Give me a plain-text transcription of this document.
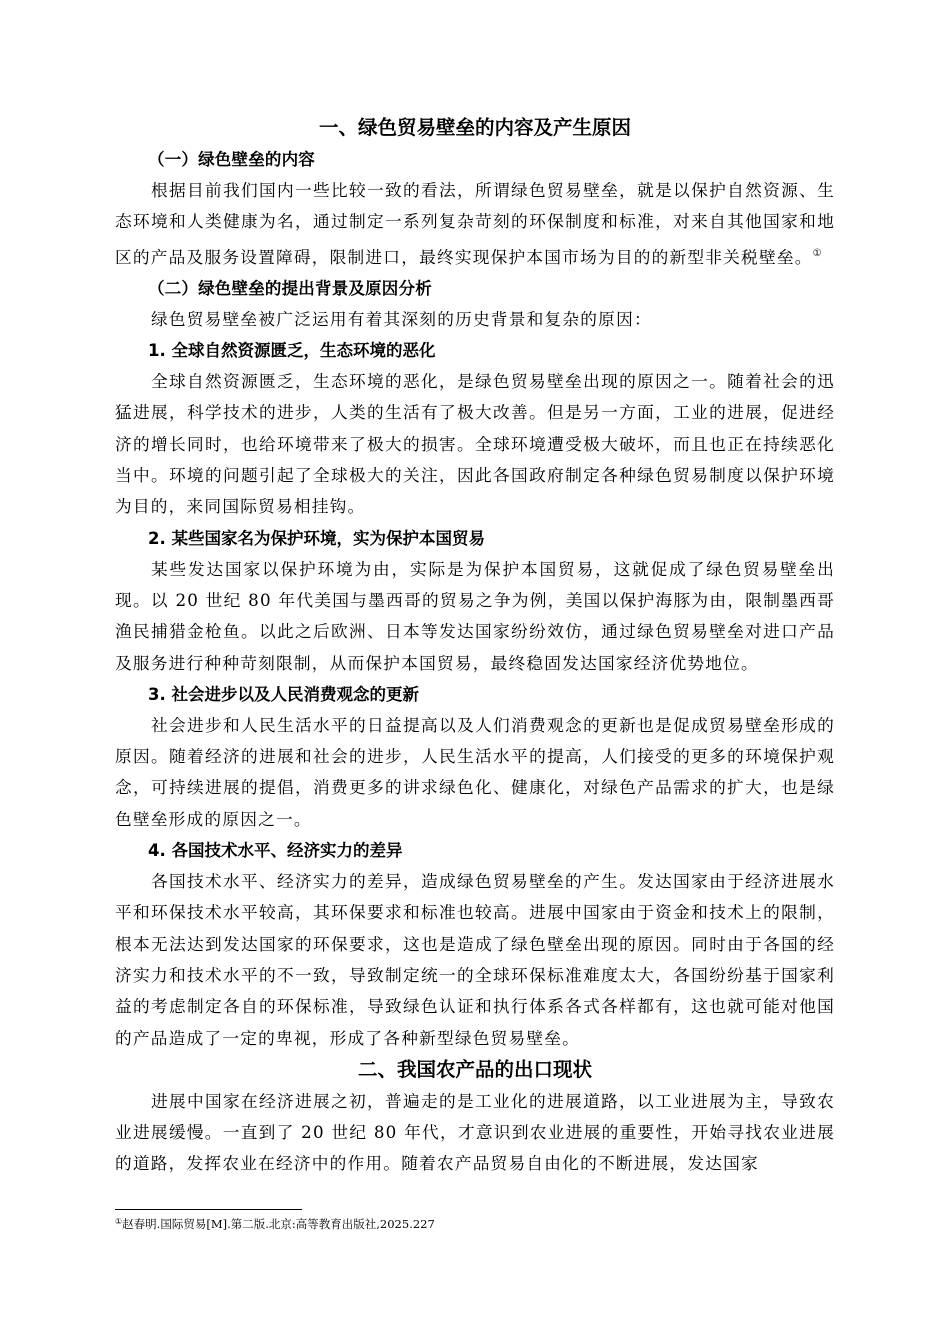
一、绿色贸易壁垒的内容及产生原因
（一）绿色壁垒的内容

根据目前我们国内一些比较一致的看法，所谓绿色贸易壁垒，就是以保护自然资源、生态环境和人类健康为名，通过制定一系列复杂苛刻的环保制度和标准，对来自其他国家和地区的产品及服务设置障碍，限制进口，最终实现保护本国市场为目的的新型非关税壁垒。①

（二）绿色壁垒的提出背景及原因分析

绿色贸易壁垒被广泛运用有着其深刻的历史背景和复杂的原因：

1. 全球自然资源匮乏，生态环境的恶化

全球自然资源匮乏，生态环境的恶化，是绿色贸易壁垒出现的原因之一。随着社会的迅猛进展，科学技术的进步，人类的生活有了极大改善。但是另一方面，工业的进展，促进经济的增长同时，也给环境带来了极大的损害。全球环境遭受极大破坏，而且也正在持续恶化当中。环境的问题引起了全球极大的关注，因此各国政府制定各种绿色贸易制度以保护环境为目的，来同国际贸易相挂钩。

2. 某些国家名为保护环境，实为保护本国贸易

某些发达国家以保护环境为由，实际是为保护本国贸易，这就促成了绿色贸易壁垒出现。以 20 世纪 80 年代美国与墨西哥的贸易之争为例，美国以保护海豚为由，限制墨西哥渔民捕猎金枪鱼。以此之后欧洲、日本等发达国家纷纷效仿，通过绿色贸易壁垒对进口产品及服务进行种种苛刻限制，从而保护本国贸易，最终稳固发达国家经济优势地位。

3. 社会进步以及人民消费观念的更新

社会进步和人民生活水平的日益提高以及人们消费观念的更新也是促成贸易壁垒形成的原因。随着经济的进展和社会的进步，人民生活水平的提高，人们接受的更多的环境保护观念，可持续进展的提倡，消费更多的讲求绿色化、健康化，对绿色产品需求的扩大，也是绿色壁垒形成的原因之一。

4. 各国技术水平、经济实力的差异

各国技术水平、经济实力的差异，造成绿色贸易壁垒的产生。发达国家由于经济进展水平和环保技术水平较高，其环保要求和标准也较高。进展中国家由于资金和技术上的限制，根本无法达到发达国家的环保要求，这也是造成了绿色壁垒出现的原因。同时由于各国的经济实力和技术水平的不一致，导致制定统一的全球环保标准难度太大，各国纷纷基于国家利益的考虑制定各自的环保标准，导致绿色认证和执行体系各式各样都有，这也就可能对他国的产品造成了一定的卑视，形成了各种新型绿色贸易壁垒。

二、我国农产品的出口现状

进展中国家在经济进展之初，普遍走的是工业化的进展道路，以工业进展为主，导致农业进展缓慢。一直到了 20 世纪 80 年代，才意识到农业进展的重要性，开始寻找农业进展的道路，发挥农业在经济中的作用。随着农产品贸易自由化的不断进展，发达国家

①赵春明.国际贸易[M].第二版.北京:高等教育出版社,2025.227
